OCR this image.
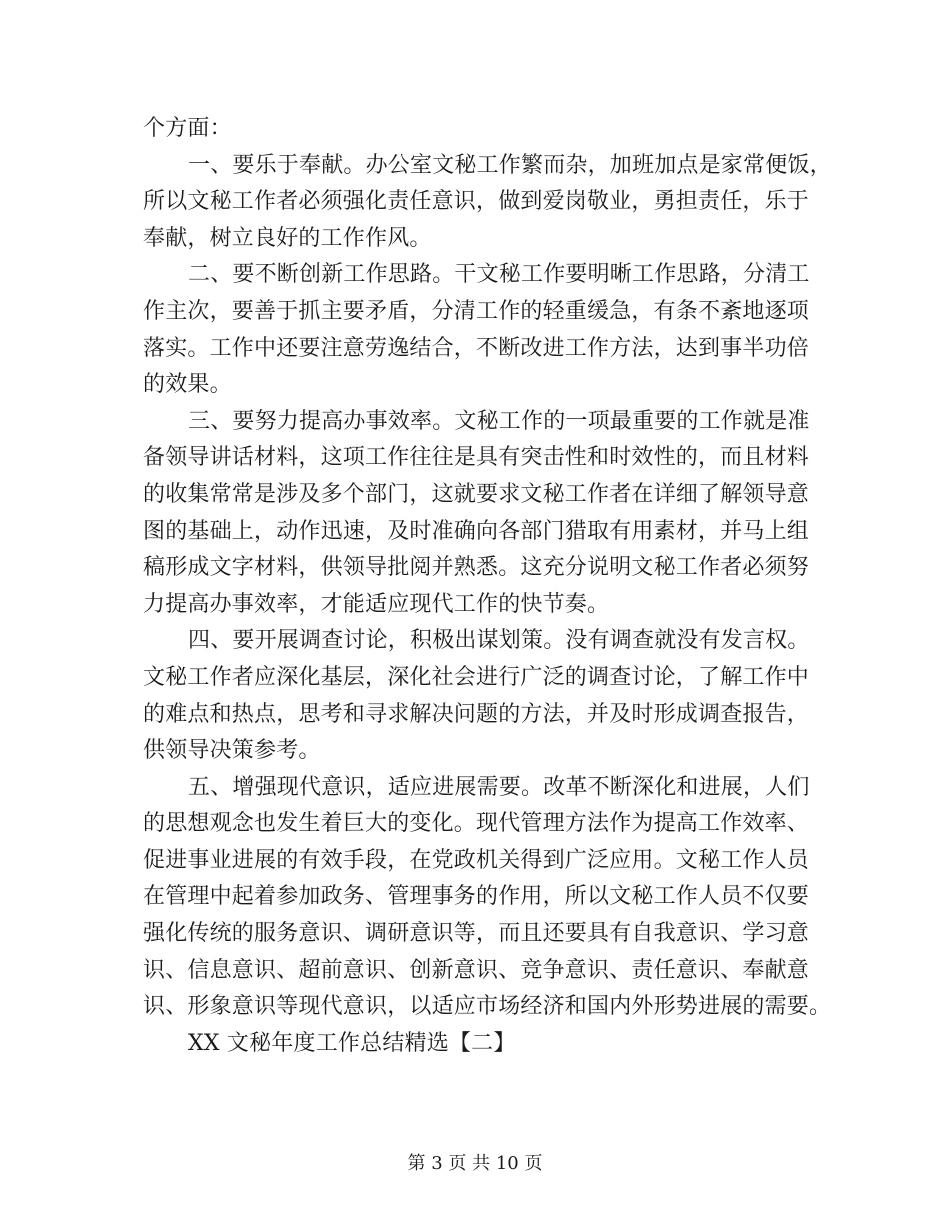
个方面：
一、要乐于奉献。办公室文秘工作繁而杂，加班加点是家常便饭，
所以文秘工作者必须强化责任意识，做到爱岗敬业，勇担责任，乐于
奉献，树立良好的工作作风。
二、要不断创新工作思路。干文秘工作要明晰工作思路，分清工
作主次，要善于抓主要矛盾，分清工作的轻重缓急，有条不紊地逐项
落实。工作中还要注意劳逸结合，不断改进工作方法，达到事半功倍
的效果。
三、要努力提高办事效率。文秘工作的一项最重要的工作就是准
备领导讲话材料，这项工作往往是具有突击性和时效性的，而且材料
的收集常常是涉及多个部门，这就要求文秘工作者在详细了解领导意
图的基础上，动作迅速，及时准确向各部门猎取有用素材，并马上组
稿形成文字材料，供领导批阅并熟悉。这充分说明文秘工作者必须努
力提高办事效率，才能适应现代工作的快节奏。
四、要开展调查讨论，积极出谋划策。没有调查就没有发言权。
文秘工作者应深化基层，深化社会进行广泛的调查讨论，了解工作中
的难点和热点，思考和寻求解决问题的方法，并及时形成调查报告，
供领导决策参考。
五、增强现代意识，适应进展需要。改革不断深化和进展，人们
的思想观念也发生着巨大的变化。现代管理方法作为提高工作效率、
促进事业进展的有效手段，在党政机关得到广泛应用。文秘工作人员
在管理中起着参加政务、管理事务的作用，所以文秘工作人员不仅要
强化传统的服务意识、调研意识等，而且还要具有自我意识、学习意
识、信息意识、超前意识、创新意识、竞争意识、责任意识、奉献意
识、形象意识等现代意识，以适应市场经济和国内外形势进展的需要。
XX 文秘年度工作总结精选【二】
第 3 页 共 10 页
